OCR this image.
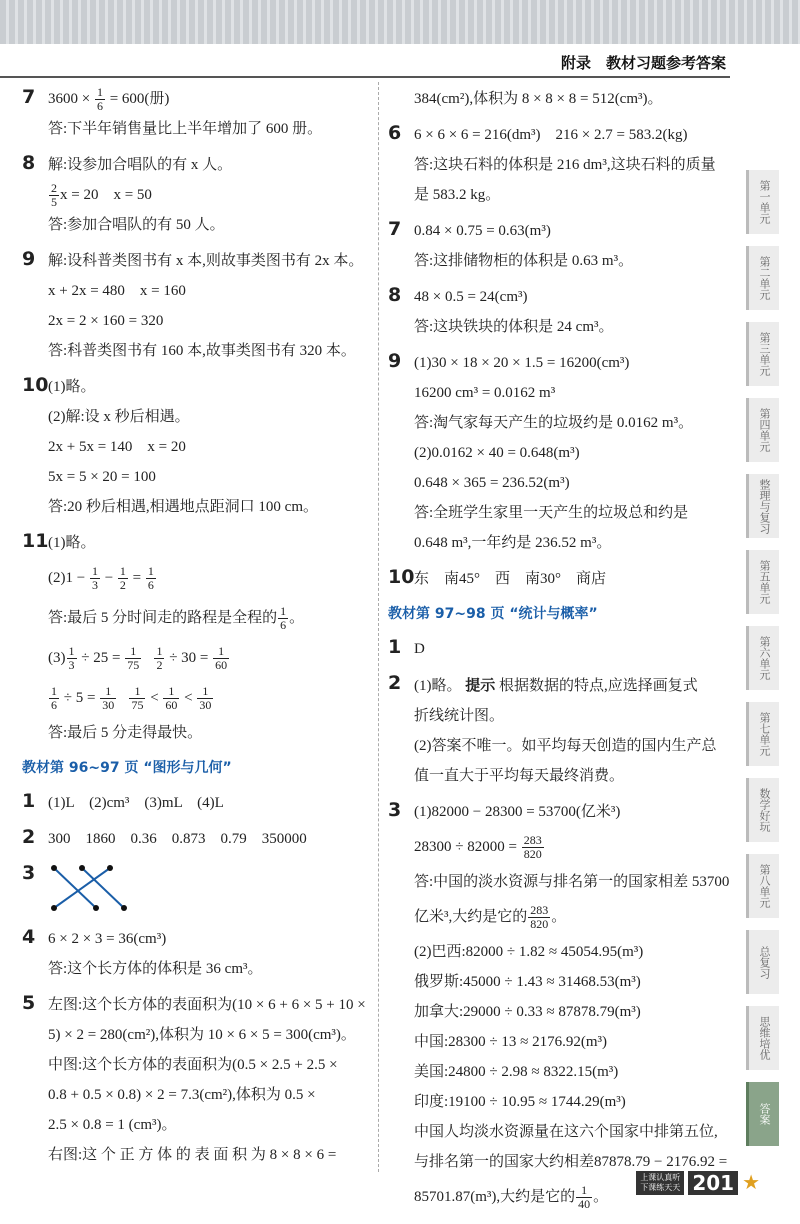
附录　教材习题参考答案
7 $3600 \times \frac{1}{6} = 600$(册)
答:下半年销售量比上半年增加了 600 册。
8 解:设参加合唱队的有 x 人。
$\frac{2}{5}$ x = 20　x = 50
答:参加合唱队的有 50 人。
9 解:设科普类图书有 x 本,则故事类图书有 2x 本。
x + 2x = 480　x = 160
2x = 2 × 160 = 320
答:科普类图书有 160 本,故事类图书有 320 本。
10 (1)略。
(2)解:设 x 秒后相遇。
2x + 5x = 140　x = 20
5x = 5 × 20 = 100
答:20 秒后相遇,相遇地点距洞口 100 cm。
11 (1)略。
$(2)1 - \frac{1}{3} - \frac{1}{2} = \frac{1}{6}$
答:最后 5 分时间走的路程是全程的 $\frac{1}{6}$ 。
$(3) \frac{1}{3} \div 25 = \frac{1}{75}$
$\frac{1}{2} \div 30 = \frac{1}{60}$
$\frac{1}{6} \div 5 = \frac{1}{30}$
$\frac{1}{75} < \frac{1}{60} < \frac{1}{30}$
答:最后 5 分走得最快。
教材第 96~97 页 “图形与几何”
1 (1)L　(2)cm³　(3)mL　(4)L
2 300　1860　0.36　0.873　0.79　350000
3
4 6 × 2 × 3 = 36(cm³)
答:这个长方体的体积是 36 cm³。
5 左图:这个长方体的表面积为(10 × 6 + 6 × 5 + 10 ×
5) × 2 = 280(cm²),体积为 10 × 6 × 5 = 300(cm³)。
中图:这个长方体的表面积为(0.5 × 2.5 + 2.5 ×
0.8 + 0.5 × 0.8) × 2 = 7.3(cm²),体积为 0.5 ×
2.5 × 0.8 = 1 (cm³)。
右图:这 个 正 方 体 的 表 面 积 为 8 × 8 × 6 =
384(cm²),体积为 8 × 8 × 8 = 512(cm³)。
6 6 × 6 × 6 = 216(dm³)　216 × 2.7 = 583.2(kg)
答:这块石料的体积是 216 dm³,这块石料的质量
是 583.2 kg。
7 0.84 × 0.75 = 0.63(m³)
答:这排储物柜的体积是 0.63 m³。
8 48 × 0.5 = 24(cm³)
答:这块铁块的体积是 24 cm³。
9 (1)30 × 18 × 20 × 1.5 = 16200(cm³)
16200 cm³ = 0.0162 m³
答:淘气家每天产生的垃圾约是 0.0162 m³。
(2)0.0162 × 40 = 0.648(m³)
0.648 × 365 = 236.52(m³)
答:全班学生家里一天产生的垃圾总和约是
0.648 m³,一年约是 236.52 m³。
10 东　南45°　西　南30°　商店
教材第 97~98 页 “统计与概率”
1 D
2 (1)略。 提示 根据数据的特点,应选择画复式
折线统计图。
(2)答案不唯一。如平均每天创造的国内生产总
值一直大于平均每天最终消费。
3 (1)82000 − 28300 = 53700(亿米³)
$28300 \div 82000 = \frac{283}{820}$
答:中国的淡水资源与排名第一的国家相差 53700
亿米³,大约是它的 $\frac{283}{820}$ 。
(2)巴西:82000 ÷ 1.82 ≈ 45054.95(m³)
俄罗斯:45000 ÷ 1.43 ≈ 31468.53(m³)
加拿大:29000 ÷ 0.33 ≈ 87878.79(m³)
中国:28300 ÷ 13 ≈ 2176.92(m³)
美国:24800 ÷ 2.98 ≈ 8322.15(m³)
印度:19100 ÷ 10.95 ≈ 1744.29(m³)
中国人均淡水资源量在这六个国家中排第五位,
与排名第一的国家大约相差87878.79 − 2176.92 =
85701.87(m³),大约是它的 $\frac{1}{40}$ 。
第一单元
第二单元
第三单元
第四单元
整理与复习
第五单元
第六单元
第七单元
数学好玩
第八单元
总复习
思维培优
答案
上课认真听
下课练天天 201 ★
